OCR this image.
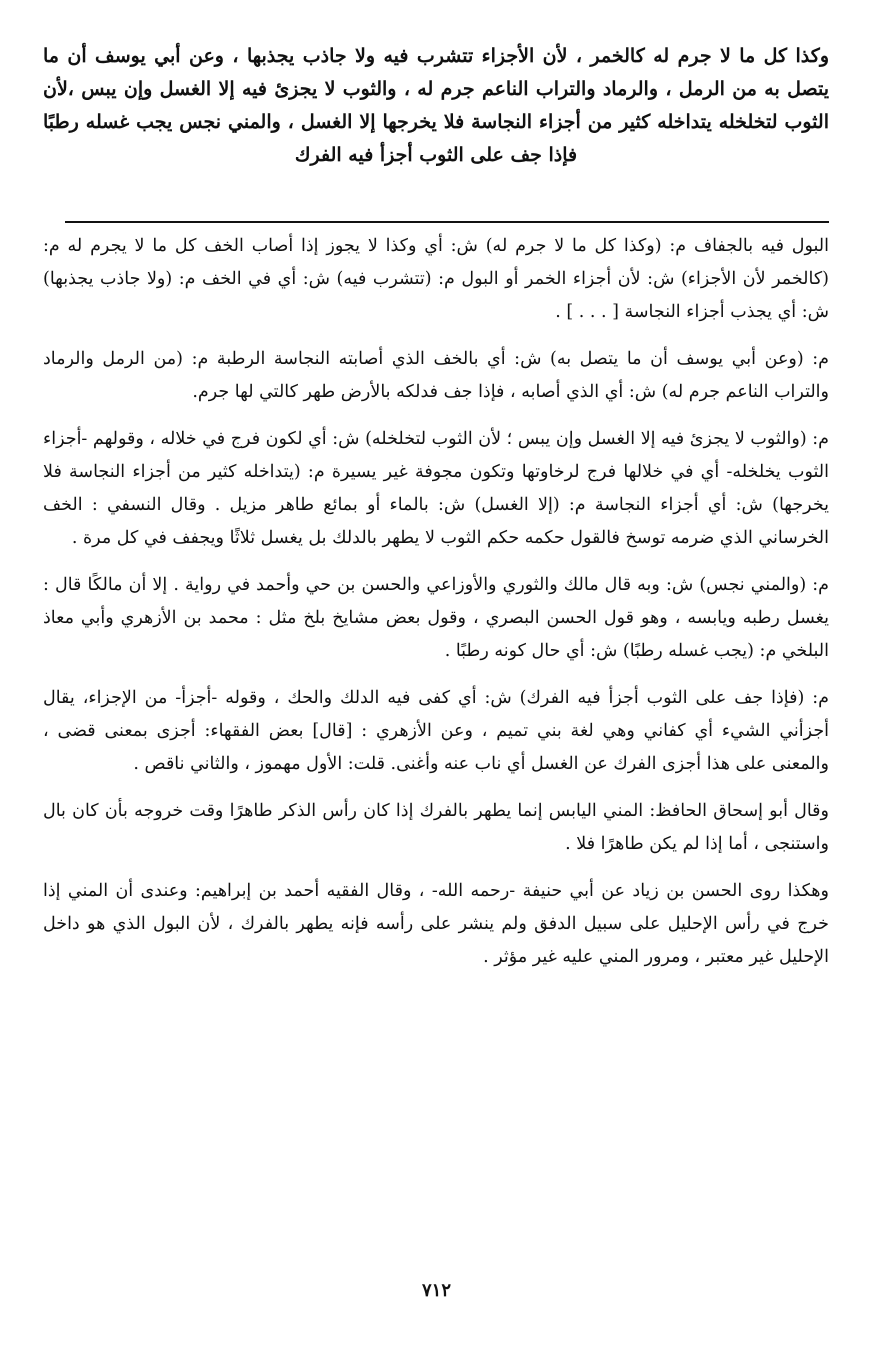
وكذا كل ما لا جرم له كالخمر ، لأن الأجزاء تتشرب فيه ولا جاذب يجذبها ، وعن أبي يوسف أن ما يتصل به من الرمل ، والرماد والتراب الناعم جرم له ، والثوب لا يجزئ فيه إلا الغسل وإن يبس ،لأن الثوب لتخلخله يتداخله كثير من أجزاء النجاسة فلا يخرجها إلا الغسل ، والمني نجس يجب غسله رطبًا فإذا جف على الثوب أجزأ فيه الفرك

البول فيه بالجفاف م: (وكذا كل ما لا جرم له) ش: أي وكذا لا يجوز إذا أصاب الخف كل ما لا يجرم له م: (كالخمر لأن الأجزاء) ش: لأن أجزاء الخمر أو البول م: (تتشرب فيه) ش: أي في الخف م: (ولا جاذب يجذبها) ش: أي يجذب أجزاء النجاسة [ . . . ] .

م: (وعن أبي يوسف أن ما يتصل به) ش: أي بالخف الذي أصابته النجاسة الرطبة م: (من الرمل والرماد والتراب الناعم جرم له) ش: أي الذي أصابه ، فإذا جف فدلكه بالأرض طهر كالتي لها جرم.

م: (والثوب لا يجزئ فيه إلا الغسل وإن يبس ؛ لأن الثوب لتخلخله) ش: أي لكون فرج في خلاله ، وقولهم -أجزاء الثوب يخلخله- أي في خلالها فرج لرخاوتها وتكون مجوفة غير يسيرة م: (يتداخله كثير من أجزاء النجاسة فلا يخرجها) ش: أي أجزاء النجاسة م: (إلا الغسل) ش: بالماء أو بمائع طاهر مزيل . وقال النسفي : الخف الخرساني الذي ضرمه توسخ فالقول حكمه حكم الثوب لا يطهر بالدلك بل يغسل ثلاثًا ويجفف في كل مرة .

م: (والمني نجس) ش: وبه قال مالك والثوري والأوزاعي والحسن بن حي وأحمد في رواية . إلا أن مالكًا قال : يغسل رطبه ويابسه ، وهو قول الحسن البصري ، وقول بعض مشايخ بلخ مثل : محمد بن الأزهري وأبي معاذ البلخي م: (يجب غسله رطبًا) ش: أي حال كونه رطبًا .

م: (فإذا جف على الثوب أجزأ فيه الفرك) ش: أي كفى فيه الدلك والحك ، وقوله -أجزأ- من الإجزاء، يقال أجزأني الشيء أي كفاني وهي لغة بني تميم ، وعن الأزهري : [قال] بعض الفقهاء: أجزى بمعنى قضى ، والمعنى على هذا أجزى الفرك عن الغسل أي ناب عنه وأغنى. قلت: الأول مهموز ، والثاني ناقص .

وقال أبو إسحاق الحافظ: المني اليابس إنما يطهر بالفرك إذا كان رأس الذكر طاهرًا وقت خروجه بأن كان بال واستنجى ، أما إذا لم يكن طاهرًا فلا .

وهكذا روى الحسن بن زياد عن أبي حنيفة -رحمه الله- ، وقال الفقيه أحمد بن إبراهيم: وعندى أن المني إذا خرج في رأس الإحليل على سبيل الدفق ولم ينشر على رأسه فإنه يطهر بالفرك ، لأن البول الذي هو داخل الإحليل غير معتبر ، ومرور المني عليه غير مؤثر .

٧١٢
